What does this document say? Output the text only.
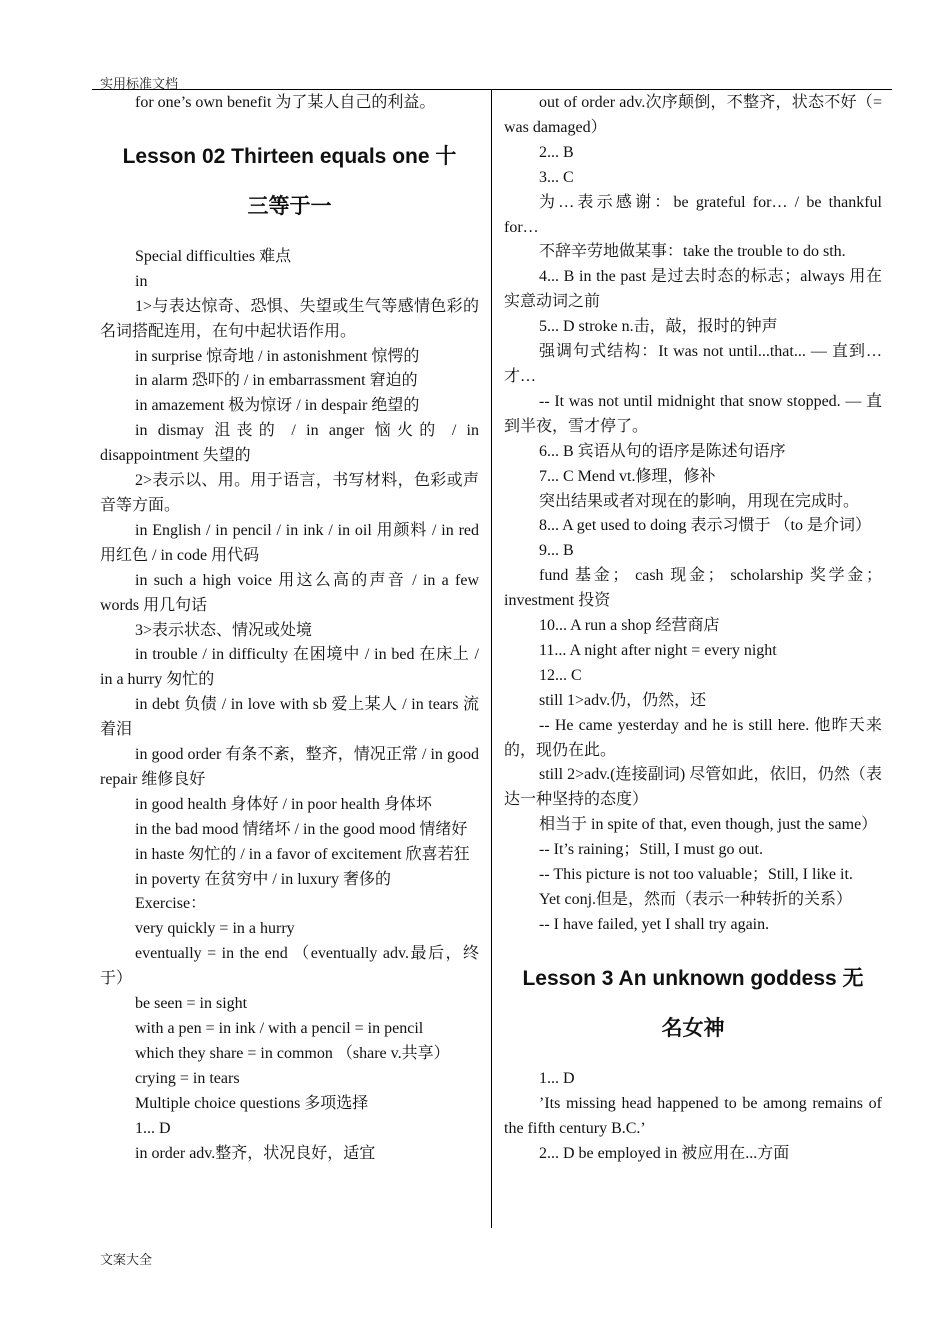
实用标准文档

for one’s own benefit 为了某人自己的利益。

Lesson 02 Thirteen equals one 十
三等于一

Special difficulties 难点

in

1>与表达惊奇、恐惧、失望或生气等感情色彩的名词搭配连用，在句中起状语作用。

in surprise 惊奇地 / in astonishment 惊愕的

in alarm 恐吓的 / in embarrassment 窘迫的

in amazement 极为惊讶 / in despair 绝望的

in dismay 沮丧的 / in anger 恼火的 / in disappointment 失望的

2>表示以、用。用于语言，书写材料，色彩或声音等方面。

in English / in pencil / in ink / in oil 用颜料 / in red 用红色 / in code 用代码

in such a high voice 用这么高的声音 / in a few words 用几句话

3>表示状态、情况或处境

in trouble / in difficulty 在困境中 / in bed 在床上 / in a hurry 匆忙的

in debt 负债 / in love with sb 爱上某人 / in tears 流着泪

in good order 有条不紊，整齐，情况正常 / in good repair 维修良好

in good health 身体好 / in poor health 身体坏

in the bad mood 情绪坏 / in the good mood 情绪好

in haste 匆忙的 / in a favor of excitement 欣喜若狂

in poverty 在贫穷中 / in luxury 奢侈的

Exercise：

very quickly = in a hurry

eventually = in the end （eventually adv.最后，终于）

be seen = in sight

with a pen = in ink / with a pencil = in pencil

which they share = in common （share v.共享）

crying = in tears

Multiple choice questions 多项选择

1... D

in order adv.整齐，状况良好，适宜

out of order adv.次序颠倒，不整齐，状态不好（= was damaged）

2... B

3... C

为…表示感谢：be grateful for… / be thankful for…

不辞辛劳地做某事：take the trouble to do sth.

4... B in the past 是过去时态的标志；always 用在实意动词之前

5... D stroke n.击，敲，报时的钟声

强调句式结构：It was not until...that... — 直到…才…

-- It was not until midnight that snow stopped. — 直到半夜，雪才停了。

6... B 宾语从句的语序是陈述句语序

7... C Mend vt.修理，修补

突出结果或者对现在的影响，用现在完成时。

8... A get used to doing 表示习惯于 （to 是介词）

9... B

fund 基金； cash 现金； scholarship 奖学金；investment 投资

10... A run a shop 经营商店

11... A night after night = every night

12... C

still 1>adv.仍，仍然，还

-- He came yesterday and he is still here. 他昨天来的，现仍在此。

still 2>adv.(连接副词) 尽管如此，依旧，仍然（表达一种坚持的态度）

相当于 in spite of that, even though, just the same）

-- It’s raining；Still, I must go out.

-- This picture is not too valuable；Still, I like it.

Yet conj.但是，然而（表示一种转折的关系）

-- I have failed, yet I shall try again.

Lesson 3 An unknown goddess 无
名女神

1... D

’Its missing head happened to be among remains of the fifth century B.C.’

2... D be employed in 被应用在...方面

文案大全
